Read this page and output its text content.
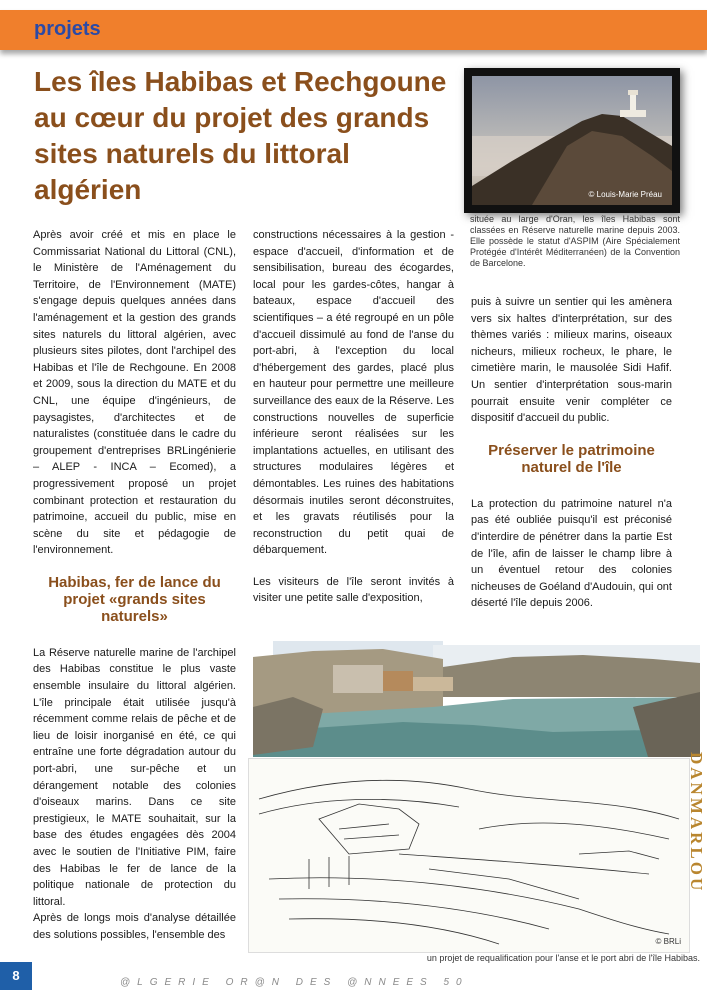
projets
Les îles Habibas et Rechgoune au cœur du projet des grands sites naturels du littoral algérien	© Louis-Marie Préau
située au large d'Oran, les îles Habibas sont classées en Réserve naturelle marine depuis 2003. Elle possède le statut d'ASPIM (Aire Spécialement Protégée d'Intérêt Méditerranéen) de la Convention de Barcelone.

Après avoir créé et mis en place le Commissariat National du Littoral (CNL), le Ministère de l'Aménagement du Territoire, de l'Environnement (MATE) s'engage depuis quelques années dans l'aménagement et la gestion des grands sites naturels du littoral algérien, avec plusieurs sites pilotes, dont l'archipel des Habibas et l'île de Rechgoune. En 2008 et 2009, sous la direction du MATE et du CNL, une équipe d'ingénieurs, de paysagistes, d'architectes et de naturalistes (constituée dans le cadre du groupement d'entreprises BRLingénierie – ALEP - INCA – Ecomed), a progressivement proposé un projet combinant protection et restauration du patrimoine, accueil du public, mise en scène du site et pédagogie de l'environnement.

Habibas, fer de lance du projet «grands sites naturels»

La Réserve naturelle marine de l'archipel des Habibas constitue le plus vaste ensemble insulaire du littoral algérien. L'île principale était utilisée jusqu'à récemment comme relais de pêche et de lieu de loisir inorganisé en été, ce qui entraîne une forte dégradation autour du port-abri, une sur-pêche et un dérangement notable des colonies d'oiseaux marins. Dans ce site prestigieux, le MATE souhaitait, sur la base des études engagées dès 2004 avec le soutien de l'Initiative PIM, faire des Habibas le fer de lance de la politique nationale de protection du littoral.

Après de longs mois d'analyse détaillée des solutions possibles, l'ensemble des

constructions nécessaires à la gestion - espace d'accueil, d'information et de sensibilisation, bureau des écogardes, local pour les gardes-côtes, hangar à bateaux, espace d'accueil des scientifiques – a été regroupé en un pôle d'accueil dissimulé au fond de l'anse du port-abri, à l'exception du local d'hébergement des gardes, placé plus en hauteur pour permettre une meilleure surveillance des eaux de la Réserve. Les constructions nouvelles de superficie inférieure seront réalisées sur les implantations actuelles, en utilisant des structures modulaires légères et démontables. Les ruines des habitations désormais inutiles seront déconstruites, et les gravats réutilisés pour la reconstruction du petit quai de débarquement.

Les visiteurs de l'île seront invités à visiter une petite salle d'exposition,

puis à suivre un sentier qui les amènera vers six haltes d'interprétation, sur des thèmes variés : milieux marins, oiseaux nicheurs, milieux rocheux, le phare, le cimetière marin, le mausolée Sidi Hafif. Un sentier d'interprétation sous-marin pourrait ensuite venir compléter ce dispositif d'accueil du public.

Préserver le patrimoine naturel de l'île

La protection du patrimoine naturel n'a pas été oubliée puisqu'il est préconisé d'interdire de pénétrer dans la partie Est de l'île, afin de laisser le champ libre à un éventuel retour des colonies nicheuses de Goéland d'Audouin, qui ont déserté l'île depuis 2006.

© BRLi
un projet de requalification pour l'anse et le port abri de l'île Habibas.
DANMARLOU
8	@LGERIE OR@N DES @NNEES 50
